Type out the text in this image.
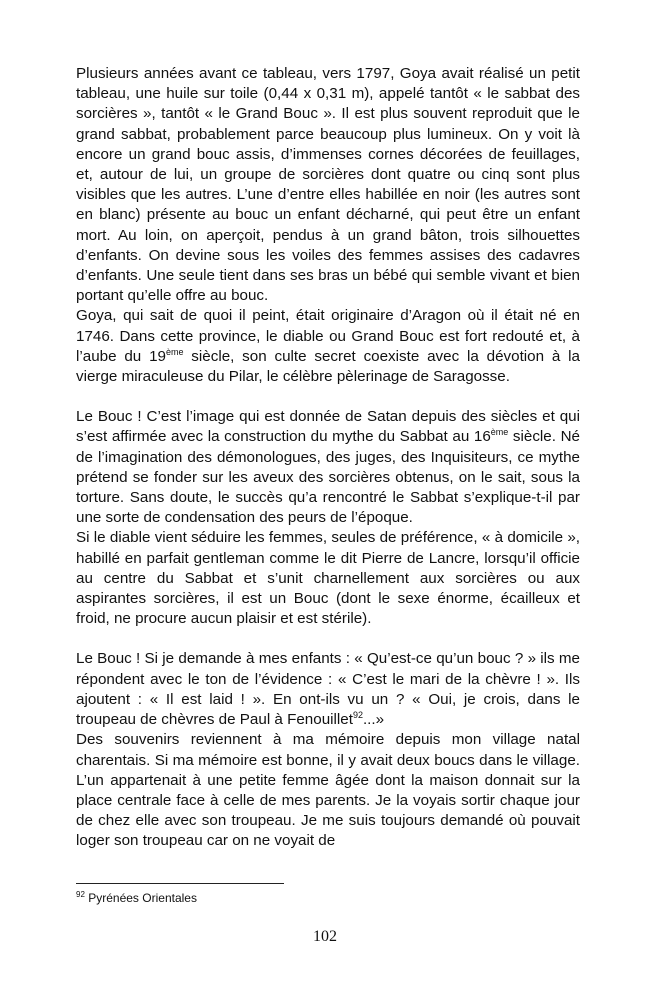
Plusieurs années avant ce tableau, vers 1797, Goya avait réalisé un petit tableau, une huile sur toile (0,44 x 0,31 m), appelé tantôt « le sabbat des sorcières », tantôt « le Grand Bouc ». Il est plus souvent reproduit que le grand sabbat, probablement parce beaucoup plus lumineux. On y voit là encore un grand bouc assis, d’immenses cornes décorées de feuillages, et, autour de lui, un groupe de sorcières dont quatre ou cinq sont plus visibles que les autres. L’une d’entre elles habillée en noir (les autres sont en blanc) présente au bouc un enfant décharné, qui peut être un enfant mort. Au loin, on aperçoit, pendus à un grand bâton, trois silhouettes d’enfants. On devine sous les voiles des femmes assises des cadavres d’enfants. Une seule tient dans ses bras un bébé qui semble vivant et bien portant qu’elle offre au bouc.

Goya, qui sait de quoi il peint, était originaire d’Aragon où il était né en 1746. Dans cette province, le diable ou Grand Bouc est fort redouté et, à l’aube du 19ème siècle, son culte secret coexiste avec la dévotion à la vierge miraculeuse du Pilar, le célèbre pèlerinage de Saragosse.

Le Bouc ! C’est l’image qui est donnée de Satan depuis des siècles et qui s’est affirmée avec la construction du mythe du Sabbat au 16ème siècle. Né de l’imagination des démonologues, des juges, des Inquisiteurs, ce mythe prétend se fonder sur les aveux des sorcières obtenus, on le sait, sous la torture. Sans doute, le succès qu’a rencontré le Sabbat s’explique-t-il par une sorte de condensation des peurs de l’époque.

Si le diable vient séduire les femmes, seules de préférence, « à domicile », habillé en parfait gentleman comme le dit Pierre de Lancre, lorsqu’il officie au centre du Sabbat et s’unit charnellement aux sorcières ou aux aspirantes sorcières, il est un Bouc (dont le sexe énorme, écailleux et froid, ne procure aucun plaisir et est stérile).

Le Bouc ! Si je demande à mes enfants : « Qu’est-ce qu’un bouc ? » ils me répondent avec le ton de l’évidence : « C’est le mari de la chèvre ! ». Ils ajoutent : « Il est laid ! ». En ont-ils vu un ? « Oui, je crois, dans le troupeau de chèvres de Paul à Fenouillet$^{92}$...»

Des souvenirs reviennent à ma mémoire depuis mon village natal charentais. Si ma mémoire est bonne, il y avait deux boucs dans le village. L’un appartenait à une petite femme âgée dont la maison donnait sur la place centrale face à celle de mes parents. Je la voyais sortir chaque jour de chez elle avec son troupeau. Je me suis toujours demandé où pouvait loger son troupeau car on ne voyait de

$^{92}$ Pyrénées Orientales
102
